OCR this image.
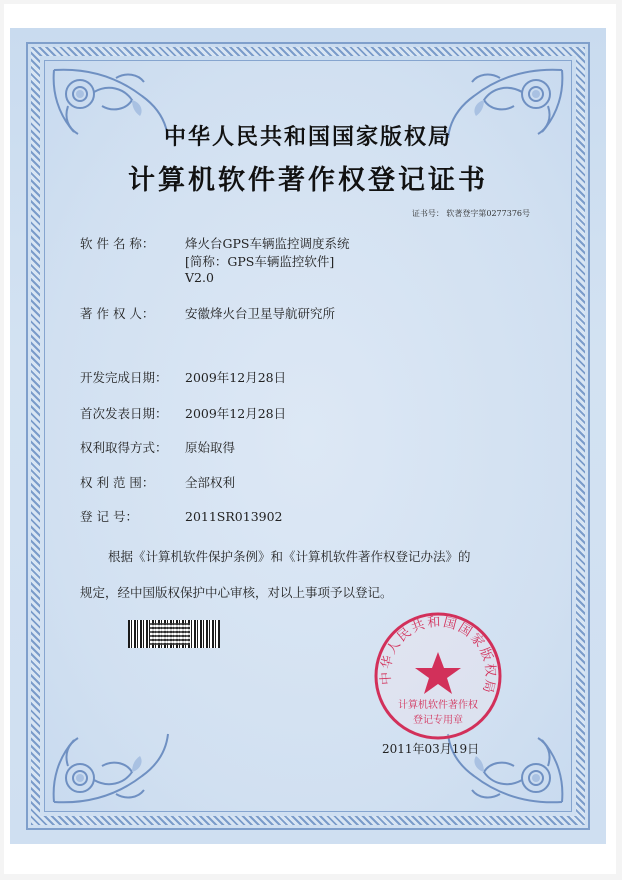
中华人民共和国国家版权局
计算机软件著作权登记证书
证书号： 软著登字第0277376号
软 件 名 称： 烽火台GPS车辆监控调度系统
[简称：GPS车辆监控软件]
V2.0
著 作 权 人： 安徽烽火台卫星导航研究所
开发完成日期： 2009年12月28日
首次发表日期： 2009年12月28日
权利取得方式： 原始取得
权 利 范 围： 全部权利
登 记 号：	2011SR013902
根据《计算机软件保护条例》和《计算机软件著作权登记办法》的
规定，经中国版权保护中心审核，对以上事项予以登记。
中华人民共和国国家版权局
计算机软件著作权
登记专用章
2011年03月19日
